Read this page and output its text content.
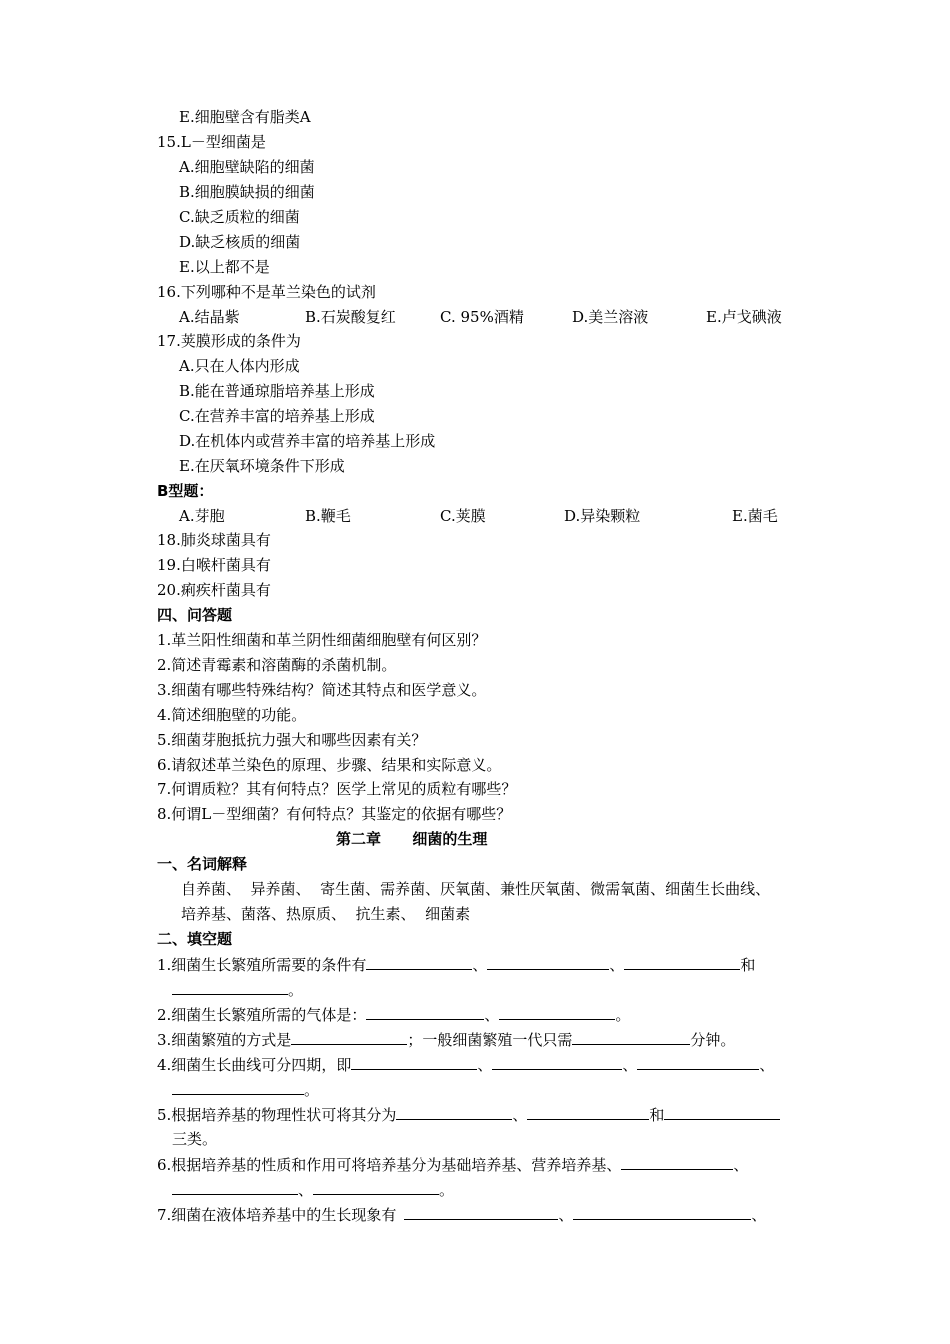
E.细胞壁含有脂类A
15.L－型细菌是
A.细胞壁缺陷的细菌
B.细胞膜缺损的细菌
C.缺乏质粒的细菌
D.缺乏核质的细菌
E.以上都不是
16.下列哪种不是革兰染色的试剂
A.结晶紫	B.石炭酸复红	C. 95%酒精	D.美兰溶液	E.卢戈碘液
17.荚膜形成的条件为
A.只在人体内形成
B.能在普通琼脂培养基上形成
C.在营养丰富的培养基上形成
D.在机体内或营养丰富的培养基上形成
E.在厌氧环境条件下形成
B型题：
A.芽胞	B.鞭毛	C.荚膜	D.异染颗粒	E.菌毛
18.肺炎球菌具有
19.白喉杆菌具有
20.痢疾杆菌具有
四、问答题
1.革兰阳性细菌和革兰阴性细菌细胞壁有何区别？
2.简述青霉素和溶菌酶的杀菌机制。
3.细菌有哪些特殊结构？简述其特点和医学意义。
4.简述细胞壁的功能。
5.细菌芽胞抵抗力强大和哪些因素有关？
6.请叙述革兰染色的原理、步骤、结果和实际意义。
7.何谓质粒？其有何特点？医学上常见的质粒有哪些？
8.何谓L－型细菌？有何特点？其鉴定的依据有哪些？
第二章      细菌的生理
一、名词解释
自养菌、  异养菌、  寄生菌、需养菌、厌氧菌、兼性厌氧菌、微需氧菌、细菌生长曲线、
培养基、菌落、热原质、  抗生素、  细菌素
二、填空题
1.细菌生长繁殖所需要的条件有	、	、	和
。
2.细菌生长繁殖所需的气体是：	、	。
3.细菌繁殖的方式是	；一般细菌繁殖一代只需	分钟。
4.细菌生长曲线可分四期，即	、	、	、
。
5.根据培养基的物理性状可将其分为	、	和
三类。
6.根据培养基的性质和作用可将培养基分为基础培养基、营养培养基、	、
、	。
7.细菌在液体培养基中的生长现象有	、	、
